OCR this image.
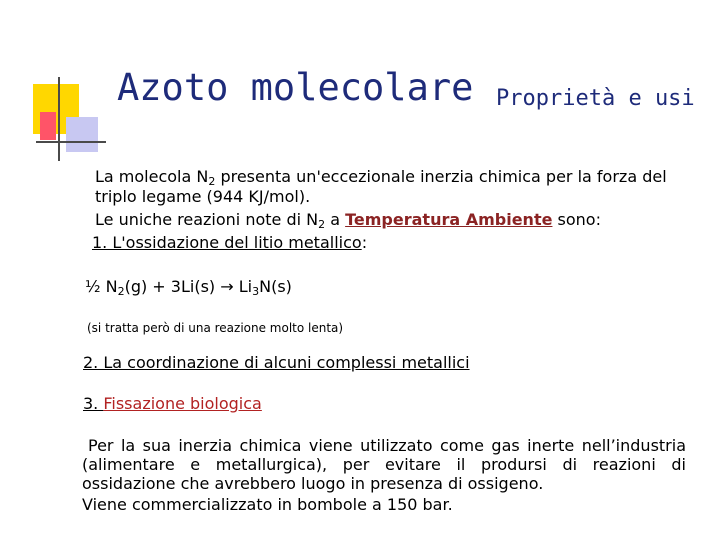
Azoto molecolare Proprietà e usi
La molecola $N_2$ presenta un'eccezionale inerzia chimica per la forza del
triplo legame (944 KJ/mol).
Le uniche reazioni note di $N_2$ a Temperatura Ambiente sono:
1. L'ossidazione del litio metallico:
½ $N_2(g) + 3Li(s) \to Li_3N(s)$
(si tratta però di una reazione molto lenta)
2. La coordinazione di alcuni complessi metallici
3. Fissazione biologica
Per la sua inerzia chimica viene utilizzato come gas inerte nell’industria
(alimentare e metallurgica), per evitare il prodursi di reazioni di
ossidazione che avrebbero luogo in presenza di ossigeno.
Viene commercializzato in bombole a 150 bar.
